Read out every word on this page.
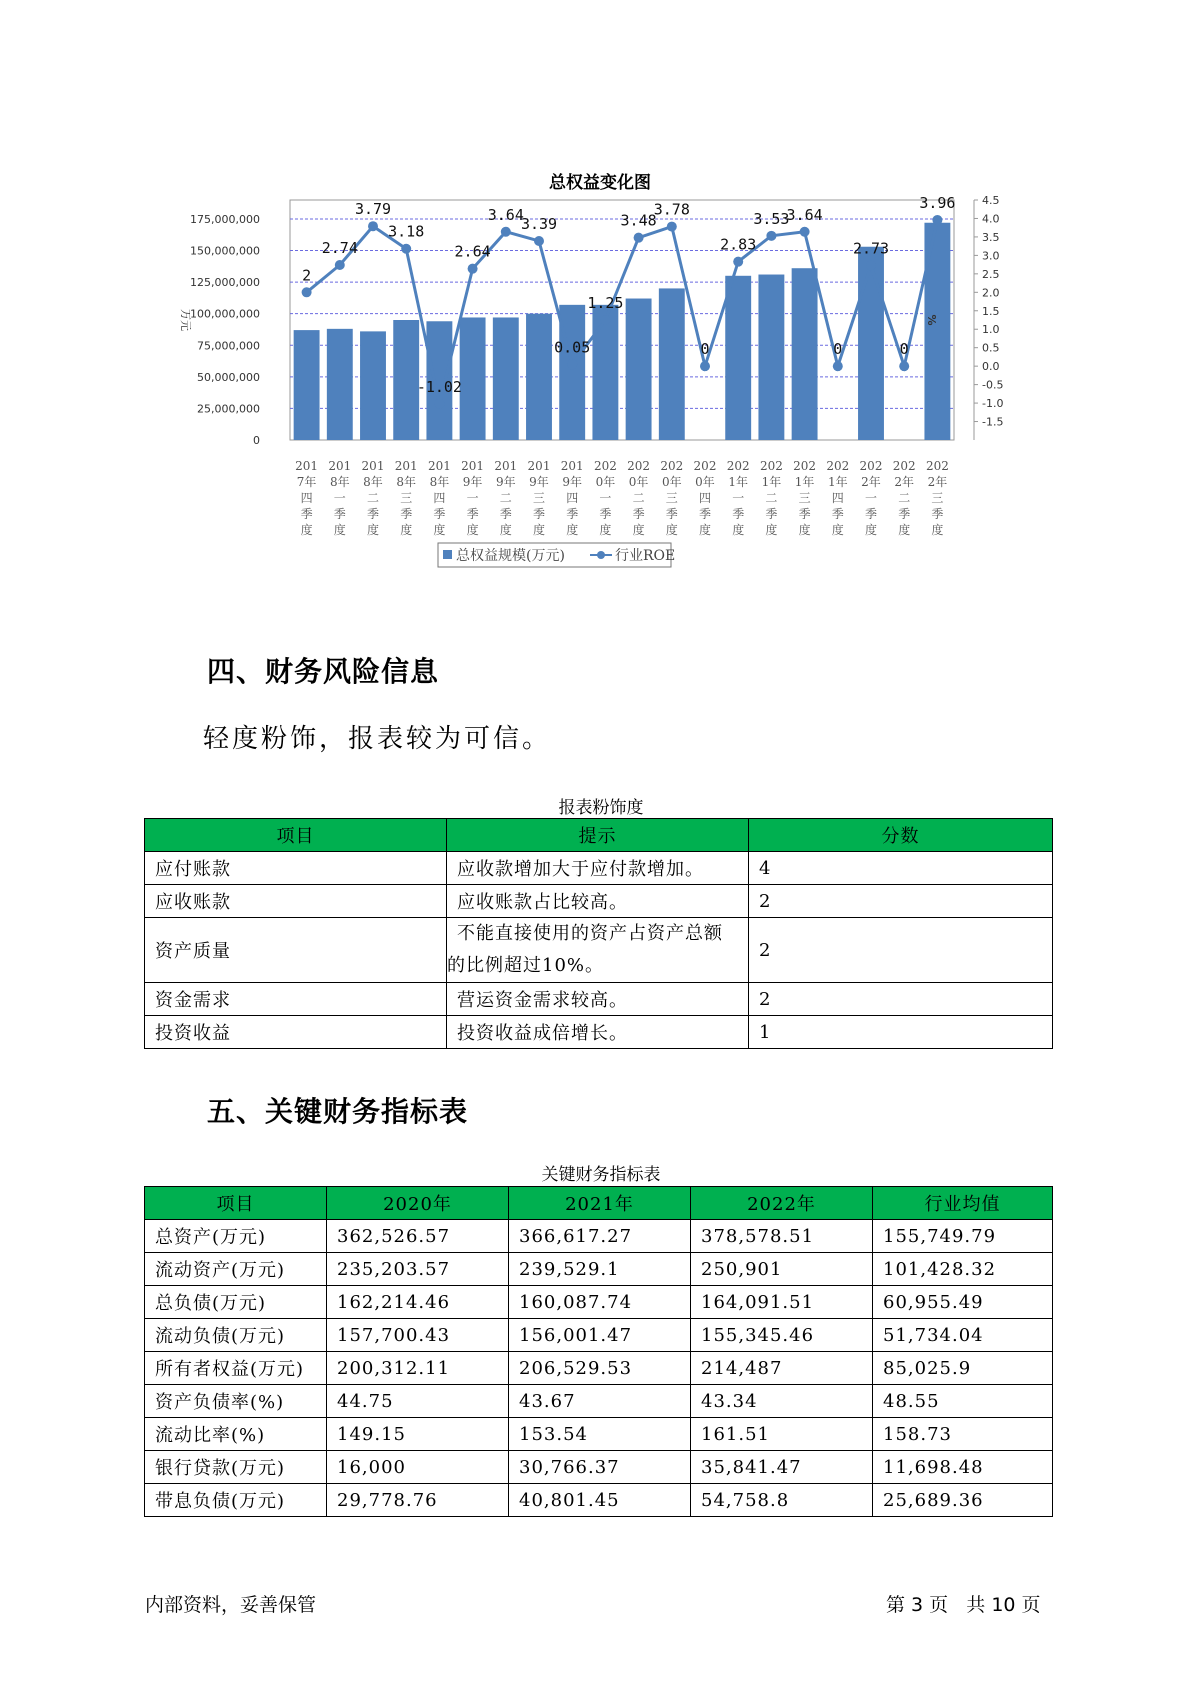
总权益变化图
0
25,000,000
50,000,000
75,000,000
100,000,000
125,000,000
150,000,000
175,000,000
-1.5
-1.0
-0.5
0.0
0.5
1.0
1.5
2.0
2.5
3.0
3.5
4.0
4.5
2
2.74
3.79
3.18
-1.02
2.64
3.64
3.39
0.05
1.25
3.48
3.78
0
2.83
3.53
3.64
0
2.73
0
3.96
201 7年四季度
201 8年一季度
201 8年二季度
201 8年三季度
201 8年四季度
201 9年一季度
201 9年二季度
201 9年三季度
201 9年四季度
202 0年一季度
202 0年二季度
202 0年三季度
202 0年四季度
202 1年一季度
202 1年二季度
202 1年三季度
202 1年四季度
202 2年一季度
202 2年二季度
202 2年三季度
万元	%
总权益规模(万元)	行业ROE
四、财务风险信息

轻度粉饰，报表较为可信。

报表粉饰度
项目	提示	分数
应付账款	应收款增加大于应付款增加。	4
应收账款	应收账款占比较高。	2
资产质量	不能直接使用的资产占资产总额
的比例超过10%。	2
资金需求	营运资金需求较高。	2
投资收益	投资收益成倍增长。	1
五、关键财务指标表
关键财务指标表
项目	2020年	2021年	2022年	行业均值
总资产(万元)	362,526.57	366,617.27	378,578.51	155,749.79
流动资产(万元)	235,203.57	239,529.1	250,901	101,428.32
总负债(万元)	162,214.46	160,087.74	164,091.51	60,955.49
流动负债(万元)	157,700.43	156,001.47	155,345.46	51,734.04
所有者权益(万元)	200,312.11	206,529.53	214,487	85,025.9
资产负债率(%)	44.75	43.67	43.34	48.55
流动比率(%)	149.15	153.54	161.51	158.73
银行贷款(万元)	16,000	30,766.37	35,841.47	11,698.48
带息负债(万元)	29,778.76	40,801.45	54,758.8	25,689.36
内部资料，妥善保管	第 3 页   共 10 页
